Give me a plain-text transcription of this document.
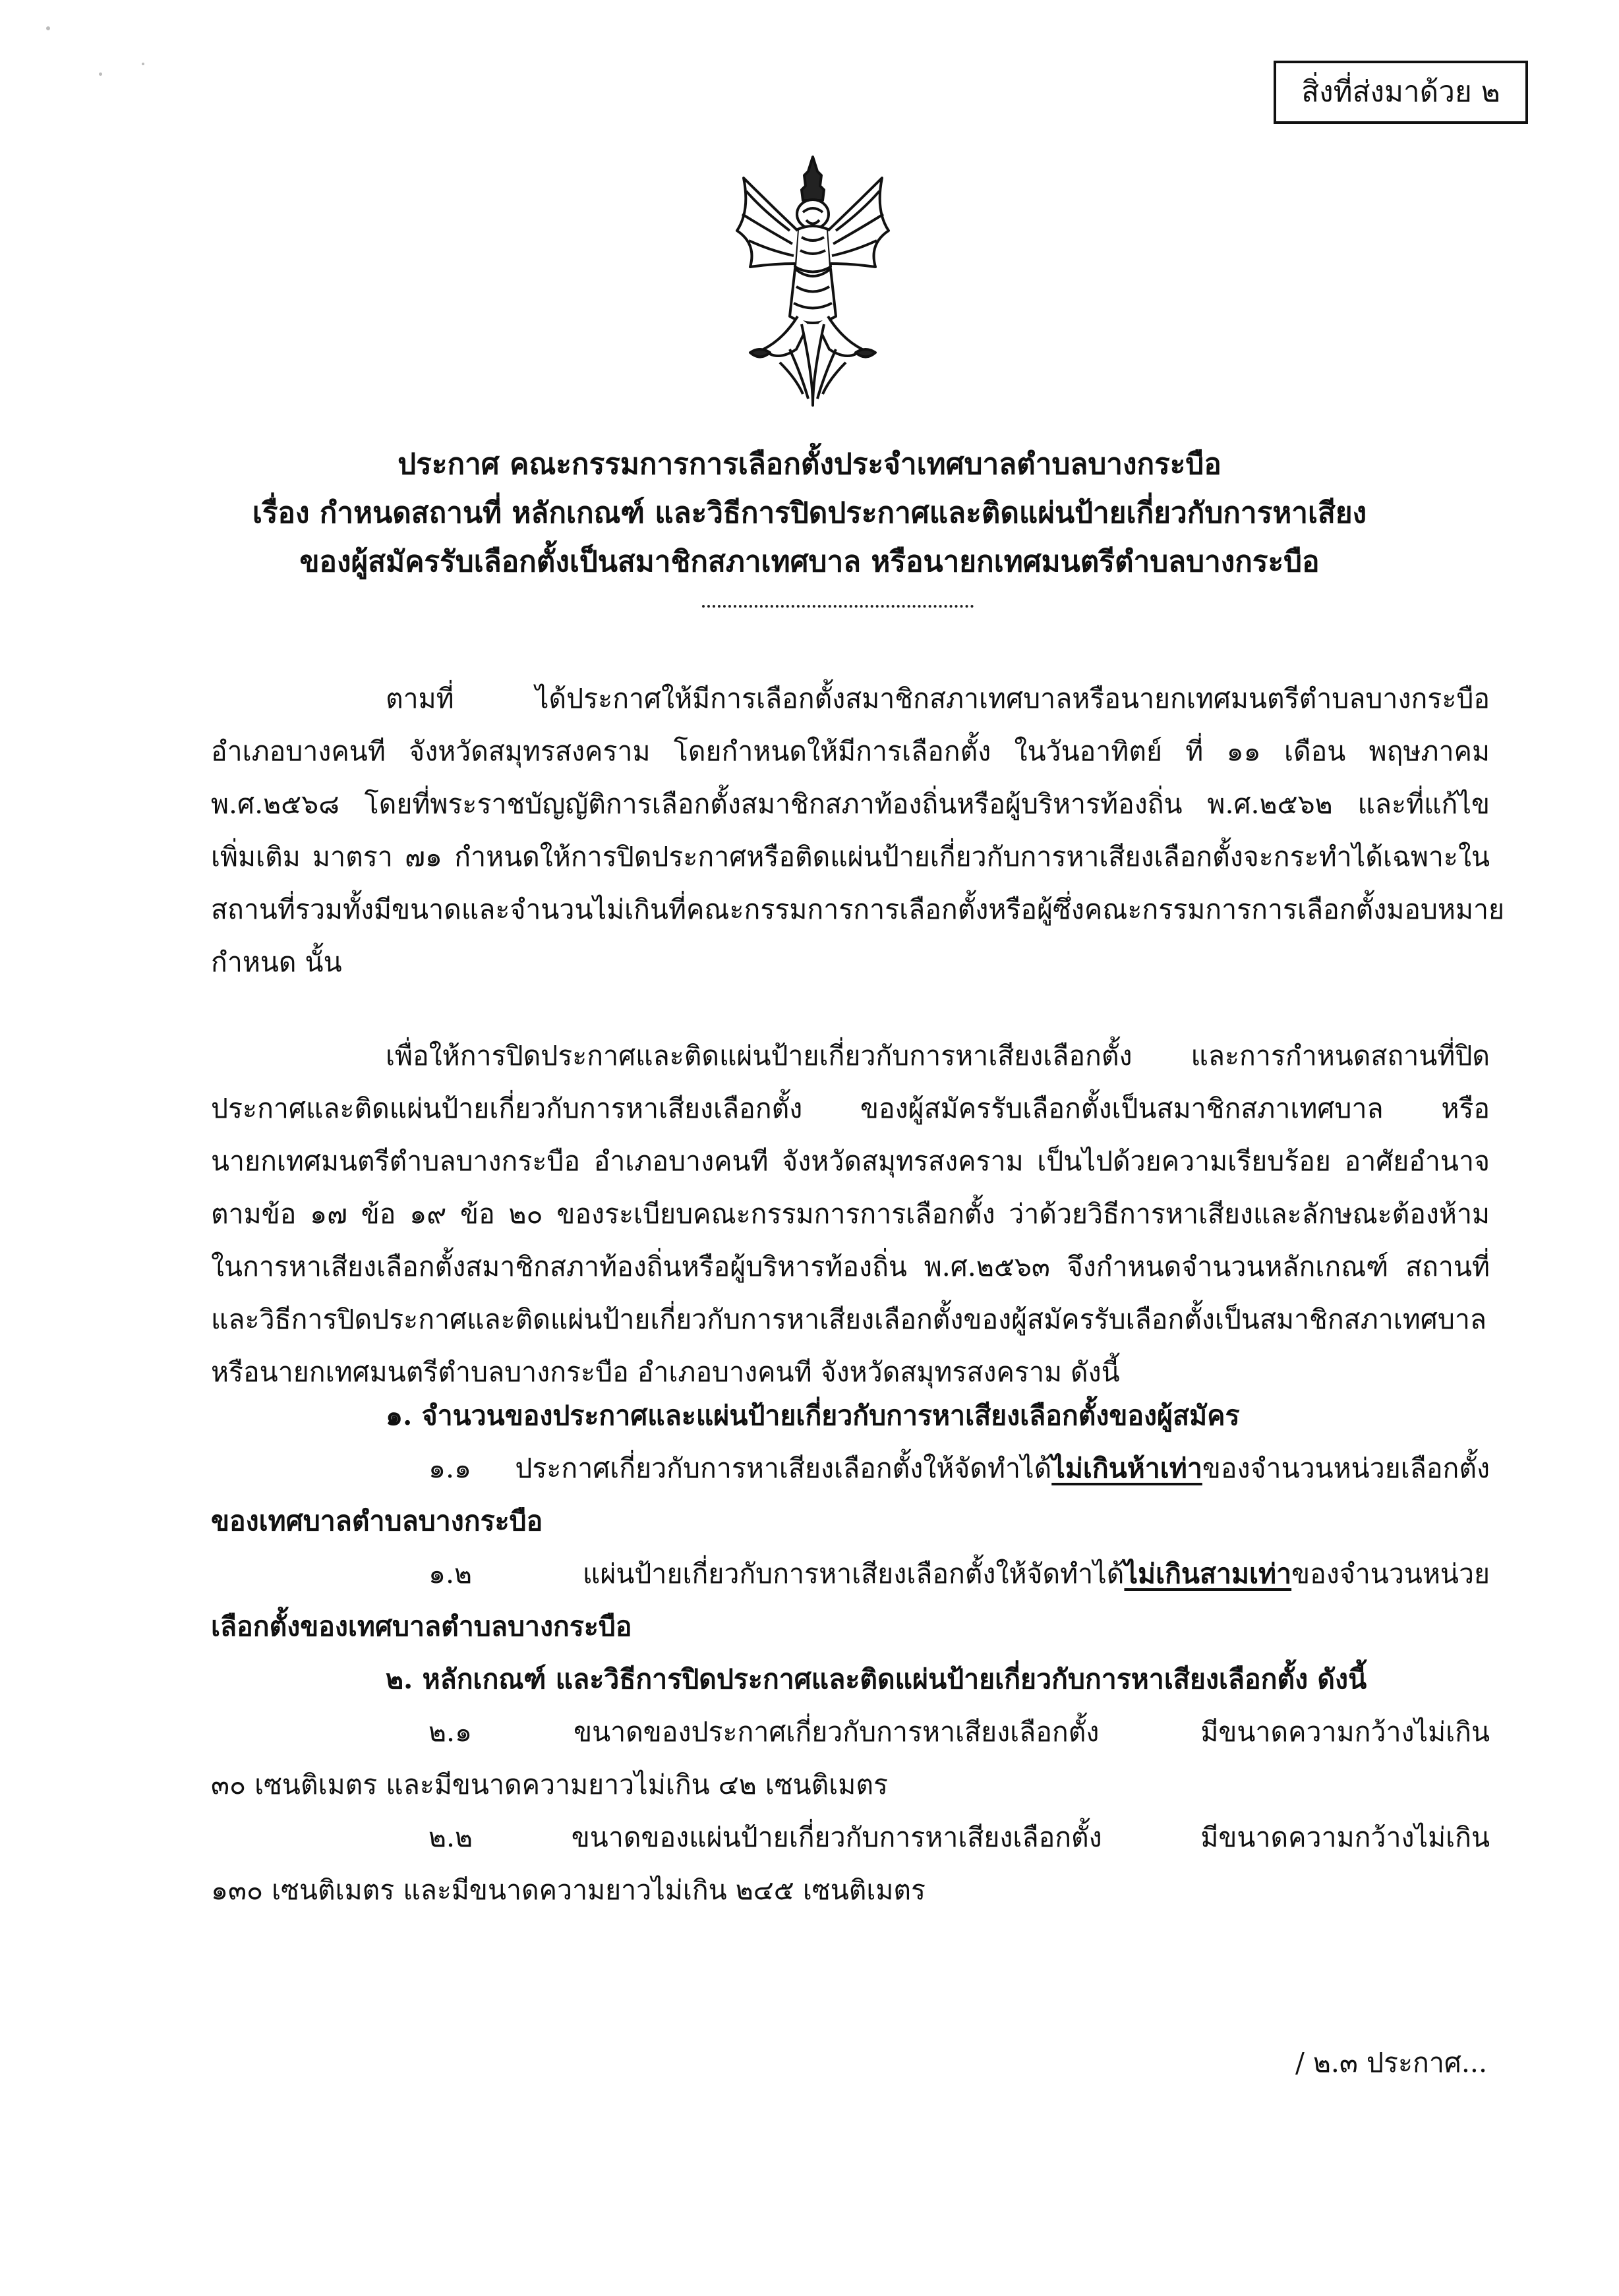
สิ่งที่ส่งมาด้วย ๒
ประกาศ คณะกรรมการการเลือกตั้งประจำเทศบาลตำบลบางกระบือ
เรื่อง กำหนดสถานที่ หลักเกณฑ์ และวิธีการปิดประกาศและติดแผ่นป้ายเกี่ยวกับการหาเสียง
ของผู้สมัครรับเลือกตั้งเป็นสมาชิกสภาเทศบาล หรือนายกเทศมนตรีตำบลบางกระบือ
ตามที่ ได้ประกาศให้มีการเลือกตั้งสมาชิกสภาเทศบาลหรือนายกเทศมนตรีตำบลบางกระบือ
อำเภอบางคนที จังหวัดสมุทรสงคราม โดยกำหนดให้มีการเลือกตั้ง ในวันอาทิตย์ ที่ ๑๑ เดือน พฤษภาคม
พ.ศ.๒๕๖๘ โดยที่พระราชบัญญัติการเลือกตั้งสมาชิกสภาท้องถิ่นหรือผู้บริหารท้องถิ่น พ.ศ.๒๕๖๒ และที่แก้ไข
เพิ่มเติม มาตรา ๗๑ กำหนดให้การปิดประกาศหรือติดแผ่นป้ายเกี่ยวกับการหาเสียงเลือกตั้งจะกระทำได้เฉพาะใน
สถานที่รวมทั้งมีขนาดและจำนวนไม่เกินที่คณะกรรมการการเลือกตั้งหรือผู้ซึ่งคณะกรรมการการเลือกตั้งมอบหมาย
กำหนด นั้น
เพื่อให้การปิดประกาศและติดแผ่นป้ายเกี่ยวกับการหาเสียงเลือกตั้ง และการกำหนดสถานที่ปิด
ประกาศและติดแผ่นป้ายเกี่ยวกับการหาเสียงเลือกตั้ง ของผู้สมัครรับเลือกตั้งเป็นสมาชิกสภาเทศบาล หรือ
นายกเทศมนตรีตำบลบางกระบือ อำเภอบางคนที จังหวัดสมุทรสงคราม เป็นไปด้วยความเรียบร้อย อาศัยอำนาจ
ตามข้อ ๑๗ ข้อ ๑๙ ข้อ ๒๐ ของระเบียบคณะกรรมการการเลือกตั้ง ว่าด้วยวิธีการหาเสียงและลักษณะต้องห้าม
ในการหาเสียงเลือกตั้งสมาชิกสภาท้องถิ่นหรือผู้บริหารท้องถิ่น พ.ศ.๒๕๖๓ จึงกำหนดจำนวนหลักเกณฑ์ สถานที่
และวิธีการปิดประกาศและติดแผ่นป้ายเกี่ยวกับการหาเสียงเลือกตั้งของผู้สมัครรับเลือกตั้งเป็นสมาชิกสภาเทศบาล
หรือนายกเทศมนตรีตำบลบางกระบือ อำเภอบางคนที จังหวัดสมุทรสงคราม ดังนี้
๑. จำนวนของประกาศและแผ่นป้ายเกี่ยวกับการหาเสียงเลือกตั้งของผู้สมัคร
๑.๑ ประกาศเกี่ยวกับการหาเสียงเลือกตั้งให้จัดทำได้ไม่เกินห้าเท่าของจำนวนหน่วยเลือกตั้ง
ของเทศบาลตำบลบางกระบือ
๑.๒ แผ่นป้ายเกี่ยวกับการหาเสียงเลือกตั้งให้จัดทำได้ไม่เกินสามเท่าของจำนวนหน่วย
เลือกตั้งของเทศบาลตำบลบางกระบือ
๒. หลักเกณฑ์ และวิธีการปิดประกาศและติดแผ่นป้ายเกี่ยวกับการหาเสียงเลือกตั้ง ดังนี้
๒.๑ ขนาดของประกาศเกี่ยวกับการหาเสียงเลือกตั้ง มีขนาดความกว้างไม่เกิน
๓๐ เซนติเมตร และมีขนาดความยาวไม่เกิน ๔๒ เซนติเมตร
๒.๒ ขนาดของแผ่นป้ายเกี่ยวกับการหาเสียงเลือกตั้ง มีขนาดความกว้างไม่เกิน
๑๓๐ เซนติเมตร และมีขนาดความยาวไม่เกิน ๒๔๕ เซนติเมตร
/ ๒.๓ ประกาศ...
